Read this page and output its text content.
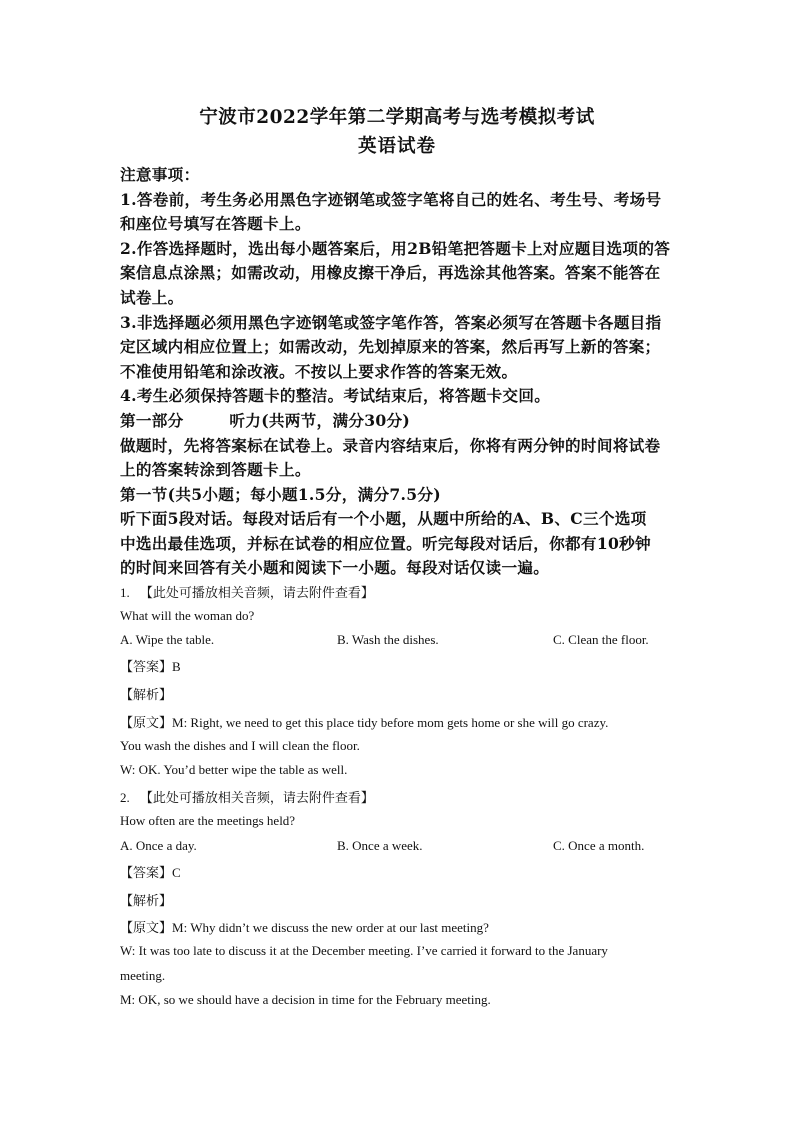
宁波市2022学年第二学期高考与选考模拟考试
英语试卷
注意事项：
1.答卷前，考生务必用黑色字迹钢笔或签字笔将自己的姓名、考生号、考场号
和座位号填写在答题卡上。
2.作答选择题时，选出每小题答案后，用2B铅笔把答题卡上对应题目选项的答
案信息点涂黑；如需改动，用橡皮擦干净后，再选涂其他答案。答案不能答在
试卷上。
3.非选择题必须用黑色字迹钢笔或签字笔作答，答案必须写在答题卡各题目指
定区域内相应位置上；如需改动，先划掉原来的答案，然后再写上新的答案；
不准使用铅笔和涂改液。不按以上要求作答的答案无效。
4.考生必须保持答题卡的整洁。考试结束后，将答题卡交回。
第一部分        听力(共两节，满分30分)
做题时，先将答案标在试卷上。录音内容结束后，你将有两分钟的时间将试卷
上的答案转涂到答题卡上。
第一节(共5小题；每小题1.5分，满分7.5分)
听下面5段对话。每段对话后有一个小题，从题中所给的A、B、C三个选项
中选出最佳选项，并标在试卷的相应位置。听完每段对话后，你都有10秒钟
的时间来回答有关小题和阅读下一小题。每段对话仅读一遍。
1. 【此处可播放相关音频，请去附件查看】
What will the woman do?
A. Wipe the table.	B. Wash the dishes.	C. Clean the floor.
【答案】B
【解析】
【原文】M: Right, we need to get this place tidy before mom gets home or she will go crazy.
You wash the dishes and I will clean the floor.
W: OK. You’d better wipe the table as well.
2. 【此处可播放相关音频，请去附件查看】
How often are the meetings held?
A. Once a day.	B. Once a week.	C. Once a month.
【答案】C
【解析】
【原文】M: Why didn’t we discuss the new order at our last meeting?
W: It was too late to discuss it at the December meeting. I’ve carried it forward to the January
meeting.
M: OK, so we should have a decision in time for the February meeting.
